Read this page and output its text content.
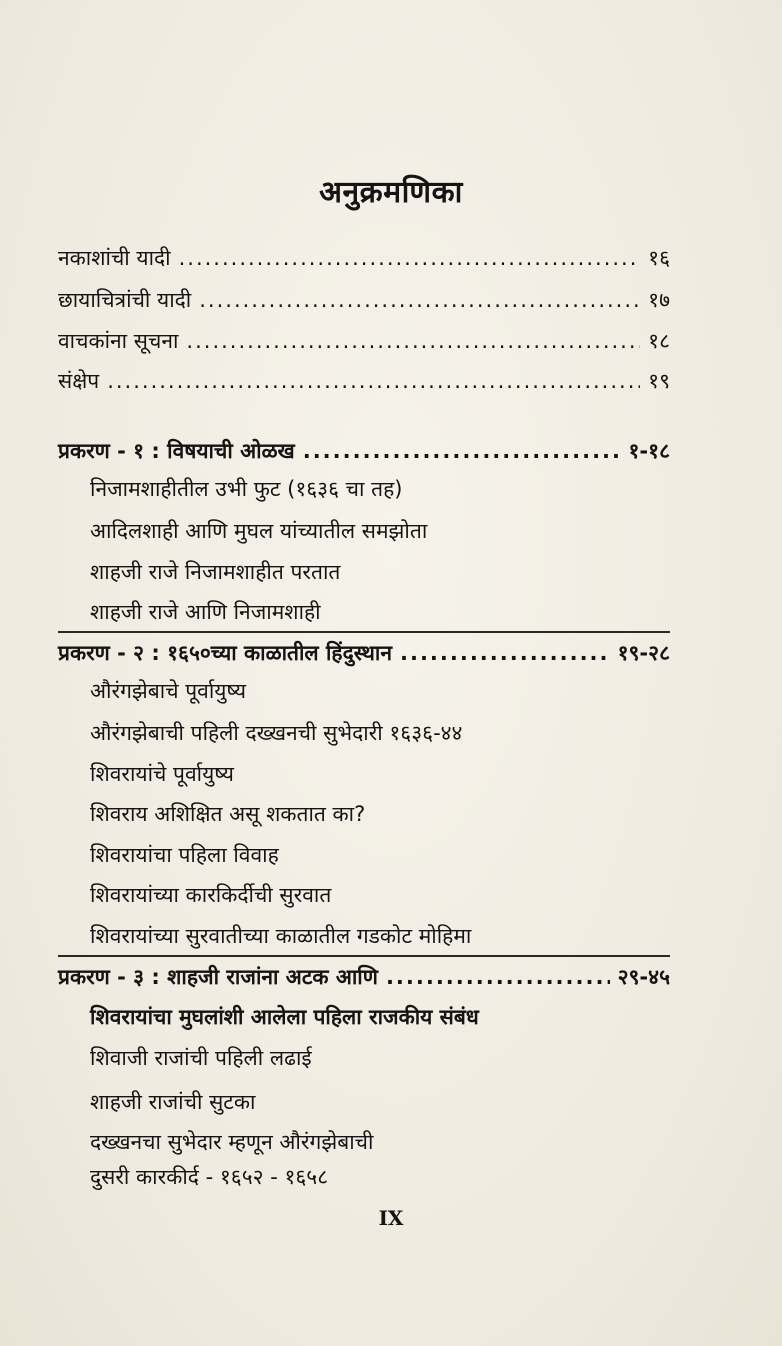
अनुक्रमणिका
नकाशांची यादी .....	१६
छायाचित्रांची यादी .....	१७
वाचकांना सूचना .....	१८
संक्षेप .....	१९
प्रकरण - १ : विषयाची ओळख .....	१-१८
निजामशाहीतील उभी फुट (१६३६ चा तह)
आदिलशाही आणि मुघल यांच्यातील समझोता
शाहजी राजे निजामशाहीत परतात
शाहजी राजे आणि निजामशाही
प्रकरण - २ : १६५०च्या काळातील हिंदुस्थान .....	१९-२८
औरंगझेबाचे पूर्वायुष्य
औरंगझेबाची पहिली दख्खनची सुभेदारी १६३६-४४
शिवरायांचे पूर्वायुष्य
शिवराय अशिक्षित असू शकतात का?
शिवरायांचा पहिला विवाह
शिवरायांच्या कारकिर्दीची सुरवात
शिवरायांच्या सुरवातीच्या काळातील गडकोट मोहिमा
प्रकरण - ३ : शाहजी राजांना अटक आणि .....	२९-४५
शिवरायांचा मुघलांशी आलेला पहिला राजकीय संबंध
शिवाजी राजांची पहिली लढाई
शाहजी राजांची सुटका
दख्खनचा सुभेदार म्हणून औरंगझेबाची
दुसरी कारकीर्द - १६५२ - १६५८
IX
